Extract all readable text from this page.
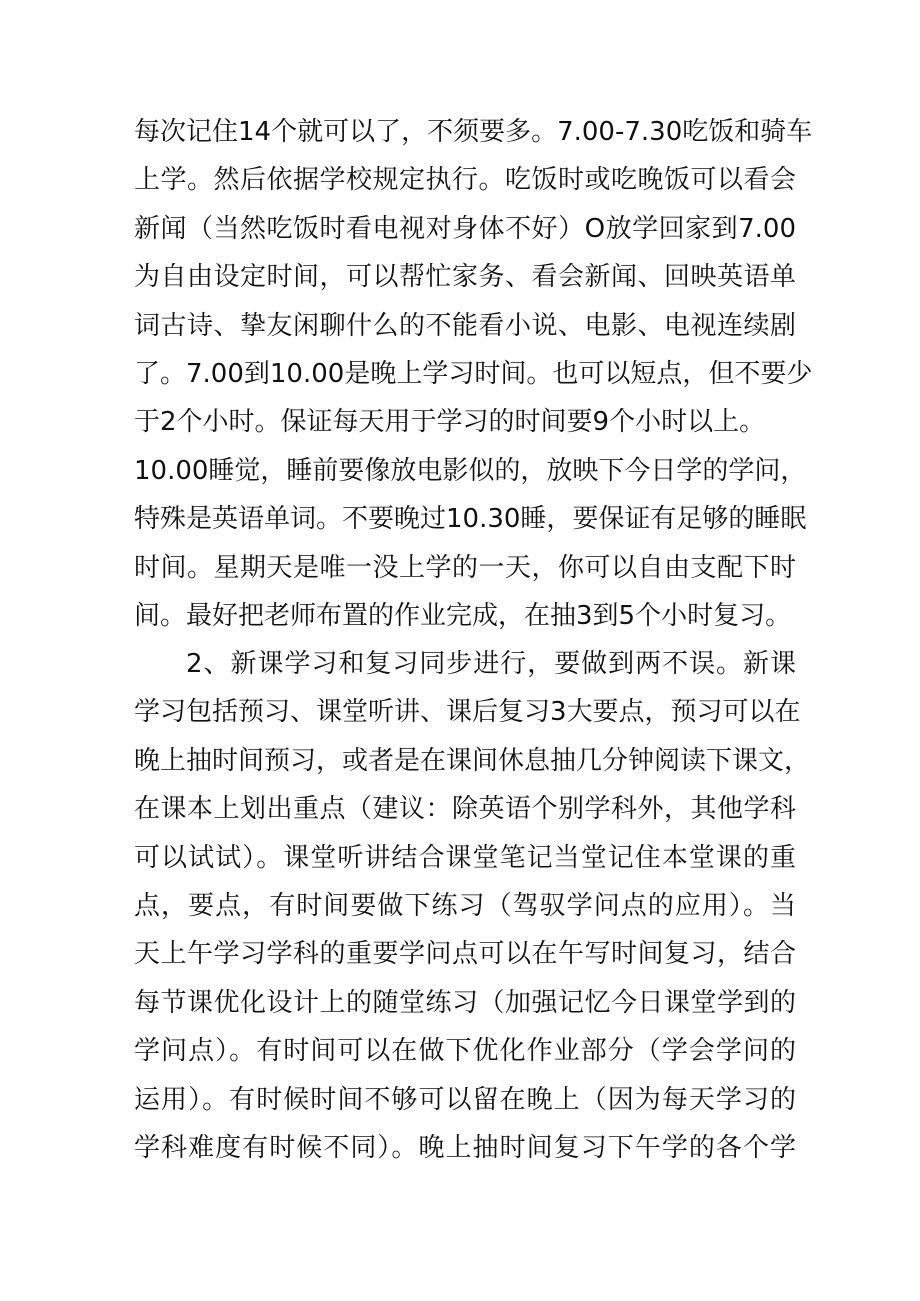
每次记住14个就可以了，不须要多。7.00-7.30吃饭和骑车
上学。然后依据学校规定执行。吃饭时或吃晚饭可以看会
新闻（当然吃饭时看电视对身体不好）O放学回家到7.00
为自由设定时间，可以帮忙家务、看会新闻、回映英语单
词古诗、挚友闲聊什么的不能看小说、电影、电视连续剧
了。7.00到10.00是晚上学习时间。也可以短点，但不要少
于2个小时。保证每天用于学习的时间要9个小时以上。
10.00睡觉，睡前要像放电影似的，放映下今日学的学问，
特殊是英语单词。不要晚过10.30睡，要保证有足够的睡眠
时间。星期天是唯一没上学的一天，你可以自由支配下时
间。最好把老师布置的作业完成，在抽3到5个小时复习。
2、新课学习和复习同步进行，要做到两不误。新课
学习包括预习、课堂听讲、课后复习3大要点，预习可以在
晚上抽时间预习，或者是在课间休息抽几分钟阅读下课文，
在课本上划出重点（建议：除英语个别学科外，其他学科
可以试试）。课堂听讲结合课堂笔记当堂记住本堂课的重
点，要点，有时间要做下练习（驾驭学问点的应用）。当
天上午学习学科的重要学问点可以在午写时间复习，结合
每节课优化设计上的随堂练习（加强记忆今日课堂学到的
学问点）。有时间可以在做下优化作业部分（学会学问的
运用）。有时候时间不够可以留在晚上（因为每天学习的
学科难度有时候不同）。晚上抽时间复习下午学的各个学
